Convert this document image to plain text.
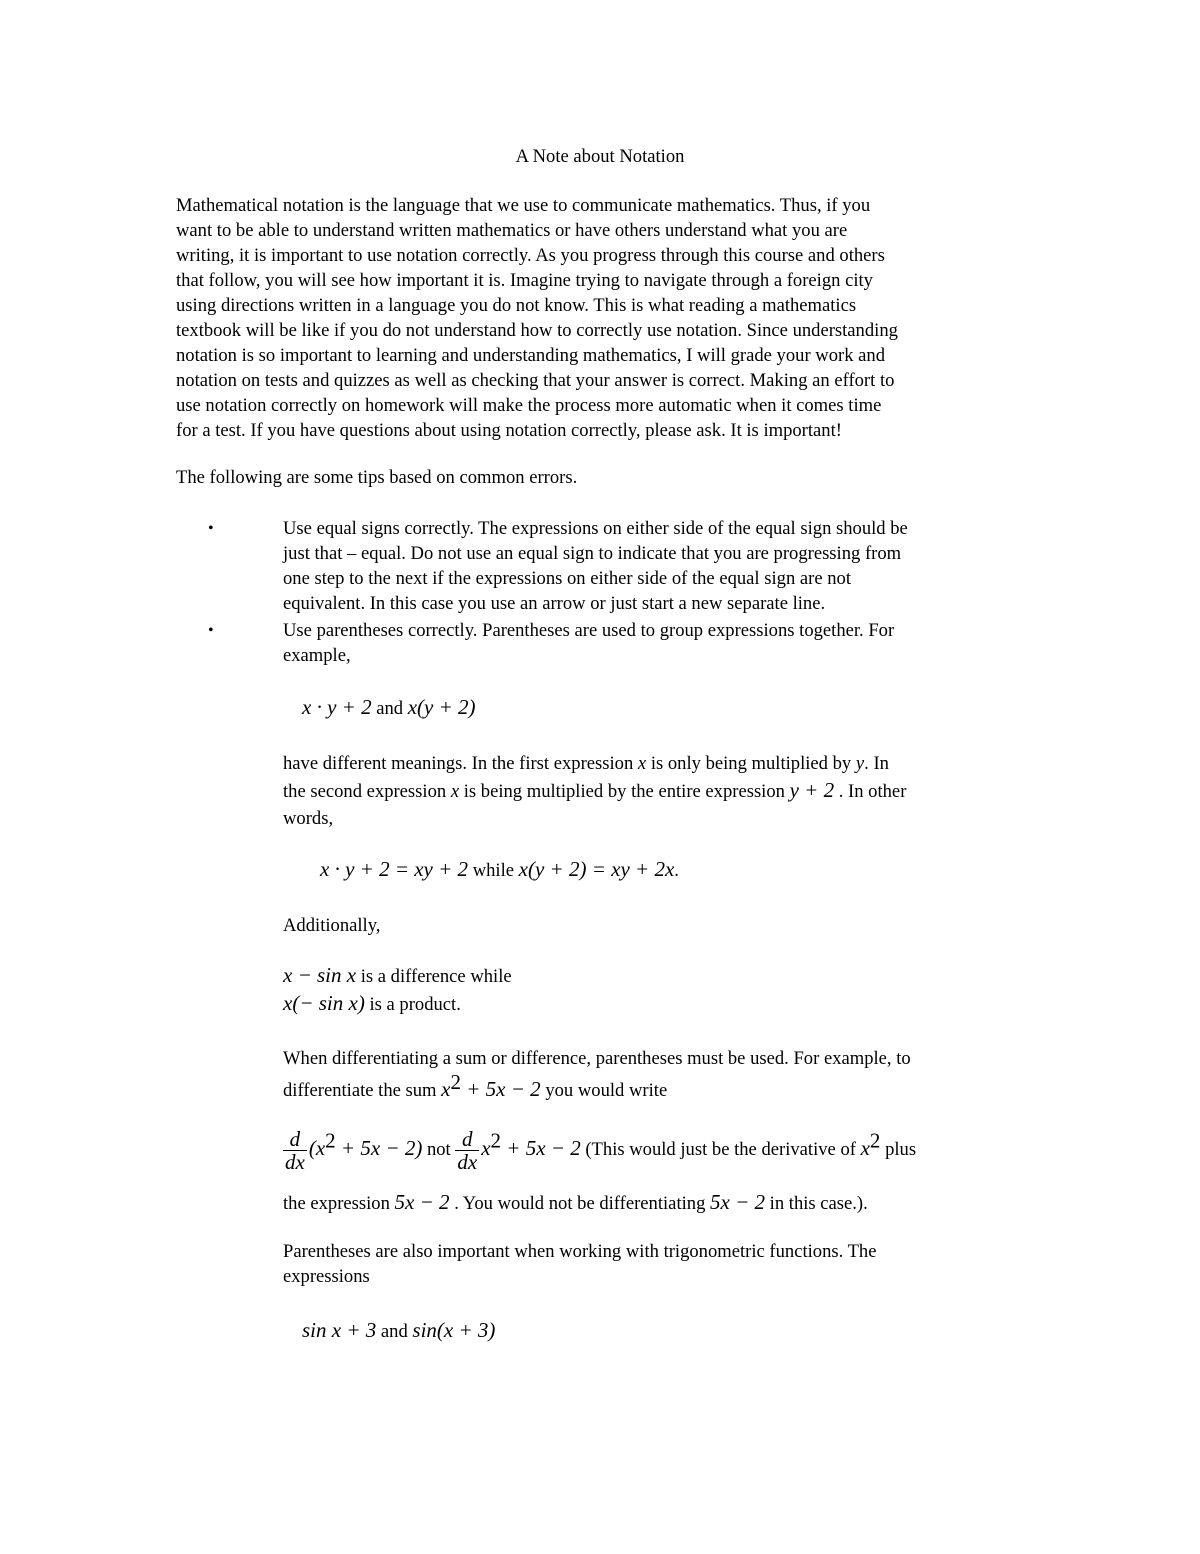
A Note about Notation
Mathematical notation is the language that we use to communicate mathematics. Thus, if you
want to be able to understand written mathematics or have others understand what you are
writing, it is important to use notation correctly. As you progress through this course and others
that follow, you will see how important it is. Imagine trying to navigate through a foreign city
using directions written in a language you do not know. This is what reading a mathematics
textbook will be like if you do not understand how to correctly use notation. Since understanding
notation is so important to learning and understanding mathematics, I will grade your work and
notation on tests and quizzes as well as checking that your answer is correct. Making an effort to
use notation correctly on homework will make the process more automatic when it comes time
for a test. If you have questions about using notation correctly, please ask. It is important!
The following are some tips based on common errors.
•	Use equal signs correctly. The expressions on either side of the equal sign should be
just that – equal. Do not use an equal sign to indicate that you are progressing from
one step to the next if the expressions on either side of the equal sign are not
equivalent. In this case you use an arrow or just start a new separate line.
•	Use parentheses correctly. Parentheses are used to group expressions together. For
example,
x · y + 2 and x(y + 2)
have different meanings. In the first expression x is only being multiplied by y. In
the second expression x is being multiplied by the entire expression y + 2 . In other
words,
x · y + 2 = xy + 2 while x(y + 2) = xy + 2x.
Additionally,
x − sin x is a difference while
x(− sin x) is a product.
When differentiating a sum or difference, parentheses must be used. For example, to
differentiate the sum $x^2 + 5x - 2$ you would write
$\frac{d}{dx} (x^2 + 5x - 2)$ not $\frac{d}{dx} x^2 + 5x - 2$ (This would just be the derivative of $x^2$ plus
the expression 5x − 2 . You would not be differentiating 5x − 2 in this case.).
Parentheses are also important when working with trigonometric functions. The
expressions
sin x + 3 and sin(x + 3)
